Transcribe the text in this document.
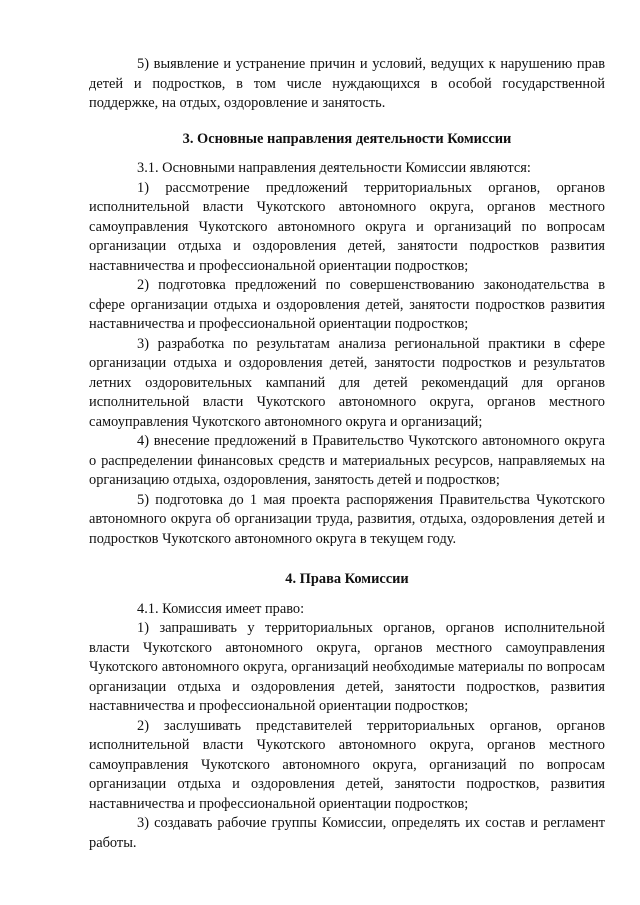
5) выявление и устранение причин и условий, ведущих к нарушению прав детей и подростков, в том числе нуждающихся в особой государственной поддержке, на отдых, оздоровление и занятость.

3. Основные направления деятельности Комиссии

3.1. Основными направления деятельности Комиссии являются:

1) рассмотрение предложений территориальных органов, органов исполнительной власти Чукотского автономного округа, органов местного самоуправления Чукотского автономного округа и организаций по вопросам организации отдыха и оздоровления детей, занятости подростков развития наставничества и профессиональной ориентации подростков;

2) подготовка предложений по совершенствованию законодательства в сфере организации отдыха и оздоровления детей, занятости подростков развития наставничества и профессиональной ориентации подростков;

3) разработка по результатам анализа региональной практики в сфере организации отдыха и оздоровления детей, занятости подростков и результатов летних оздоровительных кампаний для детей рекомендаций для органов исполнительной власти Чукотского автономного округа, органов местного самоуправления Чукотского автономного округа и организаций;

4) внесение предложений в Правительство Чукотского автономного округа о распределении финансовых средств и материальных ресурсов, направляемых на организацию отдыха, оздоровления, занятость детей и подростков;

5) подготовка до 1 мая проекта распоряжения Правительства Чукотского автономного округа об организации труда, развития, отдыха, оздоровления детей и подростков Чукотского автономного округа в текущем году.

4. Права Комиссии

4.1. Комиссия имеет право:

1) запрашивать у территориальных органов, органов исполнительной власти Чукотского автономного округа, органов местного самоуправления Чукотского автономного округа, организаций необходимые материалы по вопросам организации отдыха и оздоровления детей, занятости подростков, развития наставничества и профессиональной ориентации подростков;

2) заслушивать представителей территориальных органов, органов исполнительной власти Чукотского автономного округа, органов местного самоуправления Чукотского автономного округа, организаций по вопросам организации отдыха и оздоровления детей, занятости подростков, развития наставничества и профессиональной ориентации подростков;

3) создавать рабочие группы Комиссии, определять их состав и регламент работы.
